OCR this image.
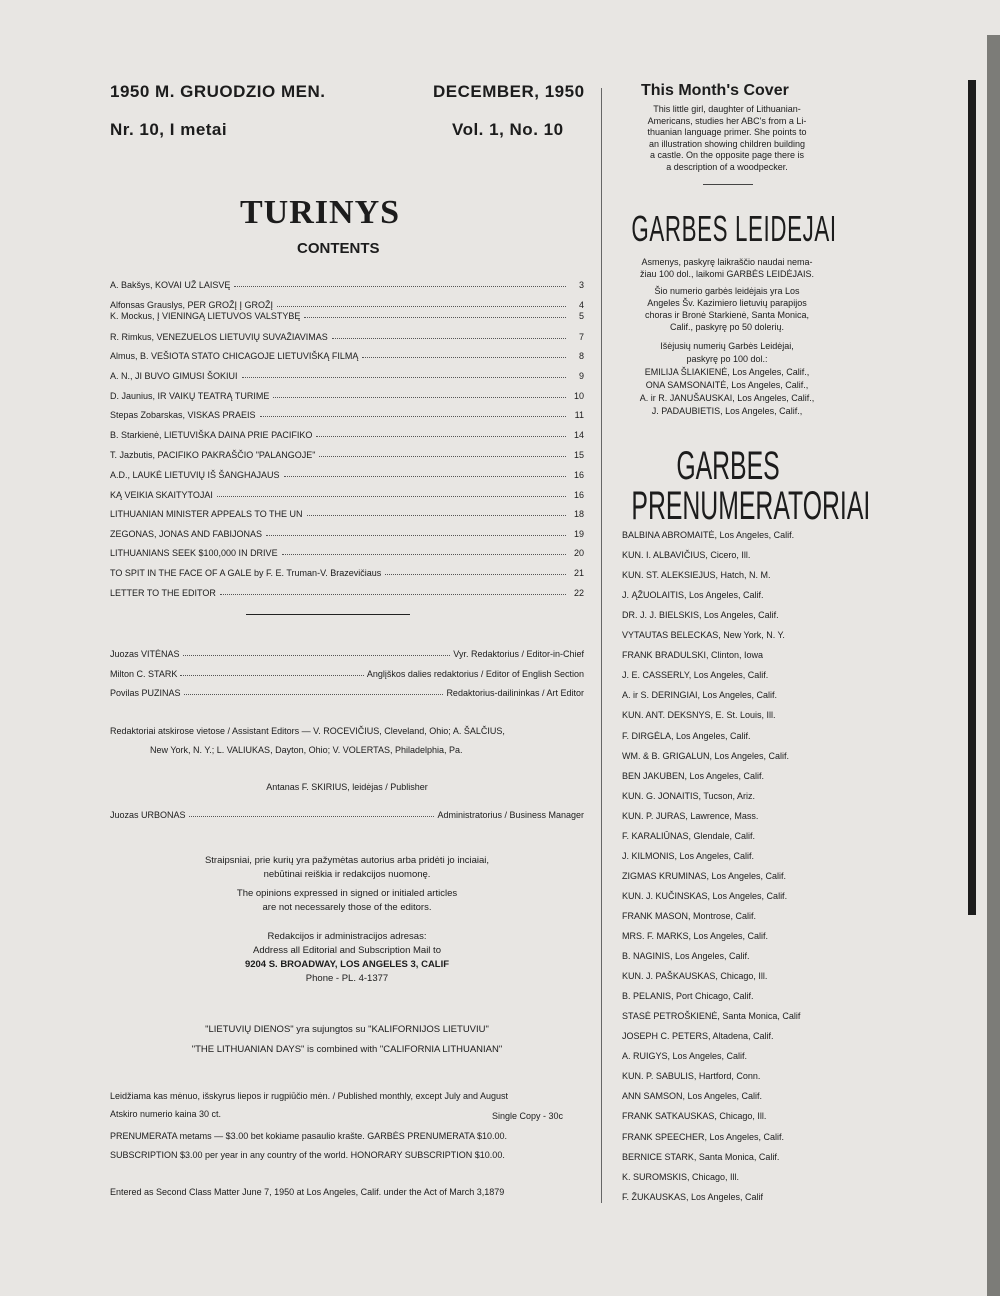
1950 M. GRUODZIO MEN.
Nr. 10, I metai
DECEMBER, 1950
Vol. 1, No. 10
TURINYS
CONTENTS
A. Bakšys, KOVAI UŽ LAISVĘ	3
Alfonsas Grauslys, PER GROŽĮ Į GROŽĮ	4
K. Mockus, Į VIENINGĄ LIETUVOS VALSTYBĘ	5
R. Rimkus, VENEZUELOS LIETUVIŲ SUVAŽIAVIMAS	7
Almus, B. VEŠIOTA STATO CHICAGOJE LIETUVIŠKĄ FILMĄ	8
A. N., JI BUVO GIMUSI ŠOKIUI	9
D. Jaunius, IR VAIKŲ TEATRĄ TURIME	10
Stepas Zobarskas, VISKAS PRAEIS	11
B. Starkienė, LIETUVIŠKA DAINA PRIE PACIFIKO	14
T. Jazbutis, PACIFIKO PAKRAŠČIO "PALANGOJE"	15
A.D., LAUKĖ LIETUVIŲ IŠ ŠANGHAJAUS	16
KĄ VEIKIA SKAITYTOJAI	16
LITHUANIAN MINISTER APPEALS TO THE UN	18
ZEGONAS, JONAS AND FABIJONAS	19
LITHUANIANS SEEK $100,000 IN DRIVE	20
TO SPIT IN THE FACE OF A GALE by F. E. Truman-V. Brazevičiaus	21
LETTER TO THE EDITOR	22
Juozas VITĖNAS	Vyr. Redaktorius / Editor-in-Chief
Milton C. STARK	Anglįškos dalies redaktorius / Editor of English Section
Povilas PUZINAS	Redaktorius-dailininkas / Art Editor
Redaktoriai atskirose vietose / Assistant Editors — V. ROCEVIČIUS, Cleveland, Ohio; A. ŠALČIUS,
New York, N. Y.; L. VALIUKAS, Dayton, Ohio; V. VOLERTAS, Philadelphia, Pa.
Antanas F. SKIRIUS, leidėjas / Publisher
Juozas URBONAS	Administratorius / Business Manager
Straipsniai, prie kurių yra pažymėtas autorius arba pridėti jo inciaiai,
nebūtinai reiškia ir redakcijos nuomonę.
The opinions expressed in signed or initialed articles
are not necessarely those of the editors.
Redakcijos ir administracijos adresas:
Address all Editorial and Subscription Mail to
9204 S. BROADWAY, LOS ANGELES 3, CALIF
Phone - PL. 4-1377
"LIETUVIŲ DIENOS" yra sujungtos su "KALIFORNIJOS LIETUVIU"
"THE LITHUANIAN DAYS" is combined with "CALIFORNIA LITHUANIAN"
Leidžiama kas mėnuo, išskyrus liepos ir rugpiūčio mėn. / Published monthly, except July and August
Atskiro numerio kaina 30 ct.	Single Copy - 30c
PRENUMERATA metams — $3.00 bet kokiame pasaulio krašte. GARBĖS PRENUMERATA $10.00.
SUBSCRIPTION $3.00 per year in any country of the world. HONORARY SUBSCRIPTION $10.00.
Entered as Second Class Matter June 7, 1950 at Los Angeles, Calif. under the Act of March 3,1879
This Month's Cover
This little girl, daughter of Lithuanian-
Americans, studies her ABC's from a Li-
thuanian language primer. She points to
an illustration showing children building
a castle. On the opposite page there is
a description of a woodpecker.
GARBES LEIDEJAI
Asmenys, paskyrę laikraščio naudai nema-
žiau 100 dol., laikomi GARBĖS LEIDĖJAIS.
Šio numerio garbės leidėjais yra Los
Angeles Šv. Kazimiero lietuvių parapijos
choras ir Bronė Starkienė, Santa Monica,
Calif., paskyrę po 50 dolerių.
Išėjusių numerių Garbės Leidėjai,
paskyrę po 100 dol.:
EMILIJA ŠLIAKIENĖ, Los Angeles, Calif.,
ONA SAMSONAITĖ, Los Angeles, Calif.,
A. ir R. JANUŠAUSKAI, Los Angeles, Calif.,
J. PADAUBIETIS, Los Angeles, Calif.,
GARBES
PRENUMERATORIAI
BALBINA ABROMAITĖ, Los Angeles, Calif.
KUN. I. ALBAVIČIUS, Cicero, Ill.
KUN. ST. ALEKSIEJUS, Hatch, N. M.
J. ĄŽUOLAITIS, Los Angeles, Calif.
DR. J. J. BIELSKIS, Los Angeles, Calif.
VYTAUTAS BELECKAS, New York, N. Y.
FRANK BRADULSKI, Clinton, Iowa
J. E. CASSERLY, Los Angeles, Calif.
A. ir S. DERINGIAI, Los Angeles, Calif.
KUN. ANT. DEKSNYS, E. St. Louis, Ill.
F. DIRGĖLA, Los Angeles, Calif.
WM. & B. GRIGALUN, Los Angeles, Calif.
BEN JAKUBEN, Los Angeles, Calif.
KUN. G. JONAITIS, Tucson, Ariz.
KUN. P. JURAS, Lawrence, Mass.
F. KARALIŪNAS, Glendale, Calif.
J. KILMONIS, Los Angeles, Calif.
ZIGMAS KRUMINAS, Los Angeles, Calif.
KUN. J. KUČINSKAS, Los Angeles, Calif.
FRANK MASON, Montrose, Calif.
MRS. F. MARKS, Los Angeles, Calif.
B. NAGINIS, Los Angeles, Calif.
KUN. J. PAŠKAUSKAS, Chicago, Ill.
B. PELANIS, Port Chicago, Calif.
STASĖ PETROŠKIENĖ, Santa Monica, Calif
JOSEPH C. PETERS, Altadena, Calif.
A. RUIGYS, Los Angeles, Calif.
KUN. P. SABULIS, Hartford, Conn.
ANN SAMSON, Los Angeles, Calif.
FRANK SATKAUSKAS, Chicago, Ill.
FRANK SPEECHER, Los Angeles, Calif.
BERNICE STARK, Santa Monica, Calif.
K. SUROMSKIS, Chicago, Ill.
F. ŽUKAUSKAS, Los Angeles, Calif
